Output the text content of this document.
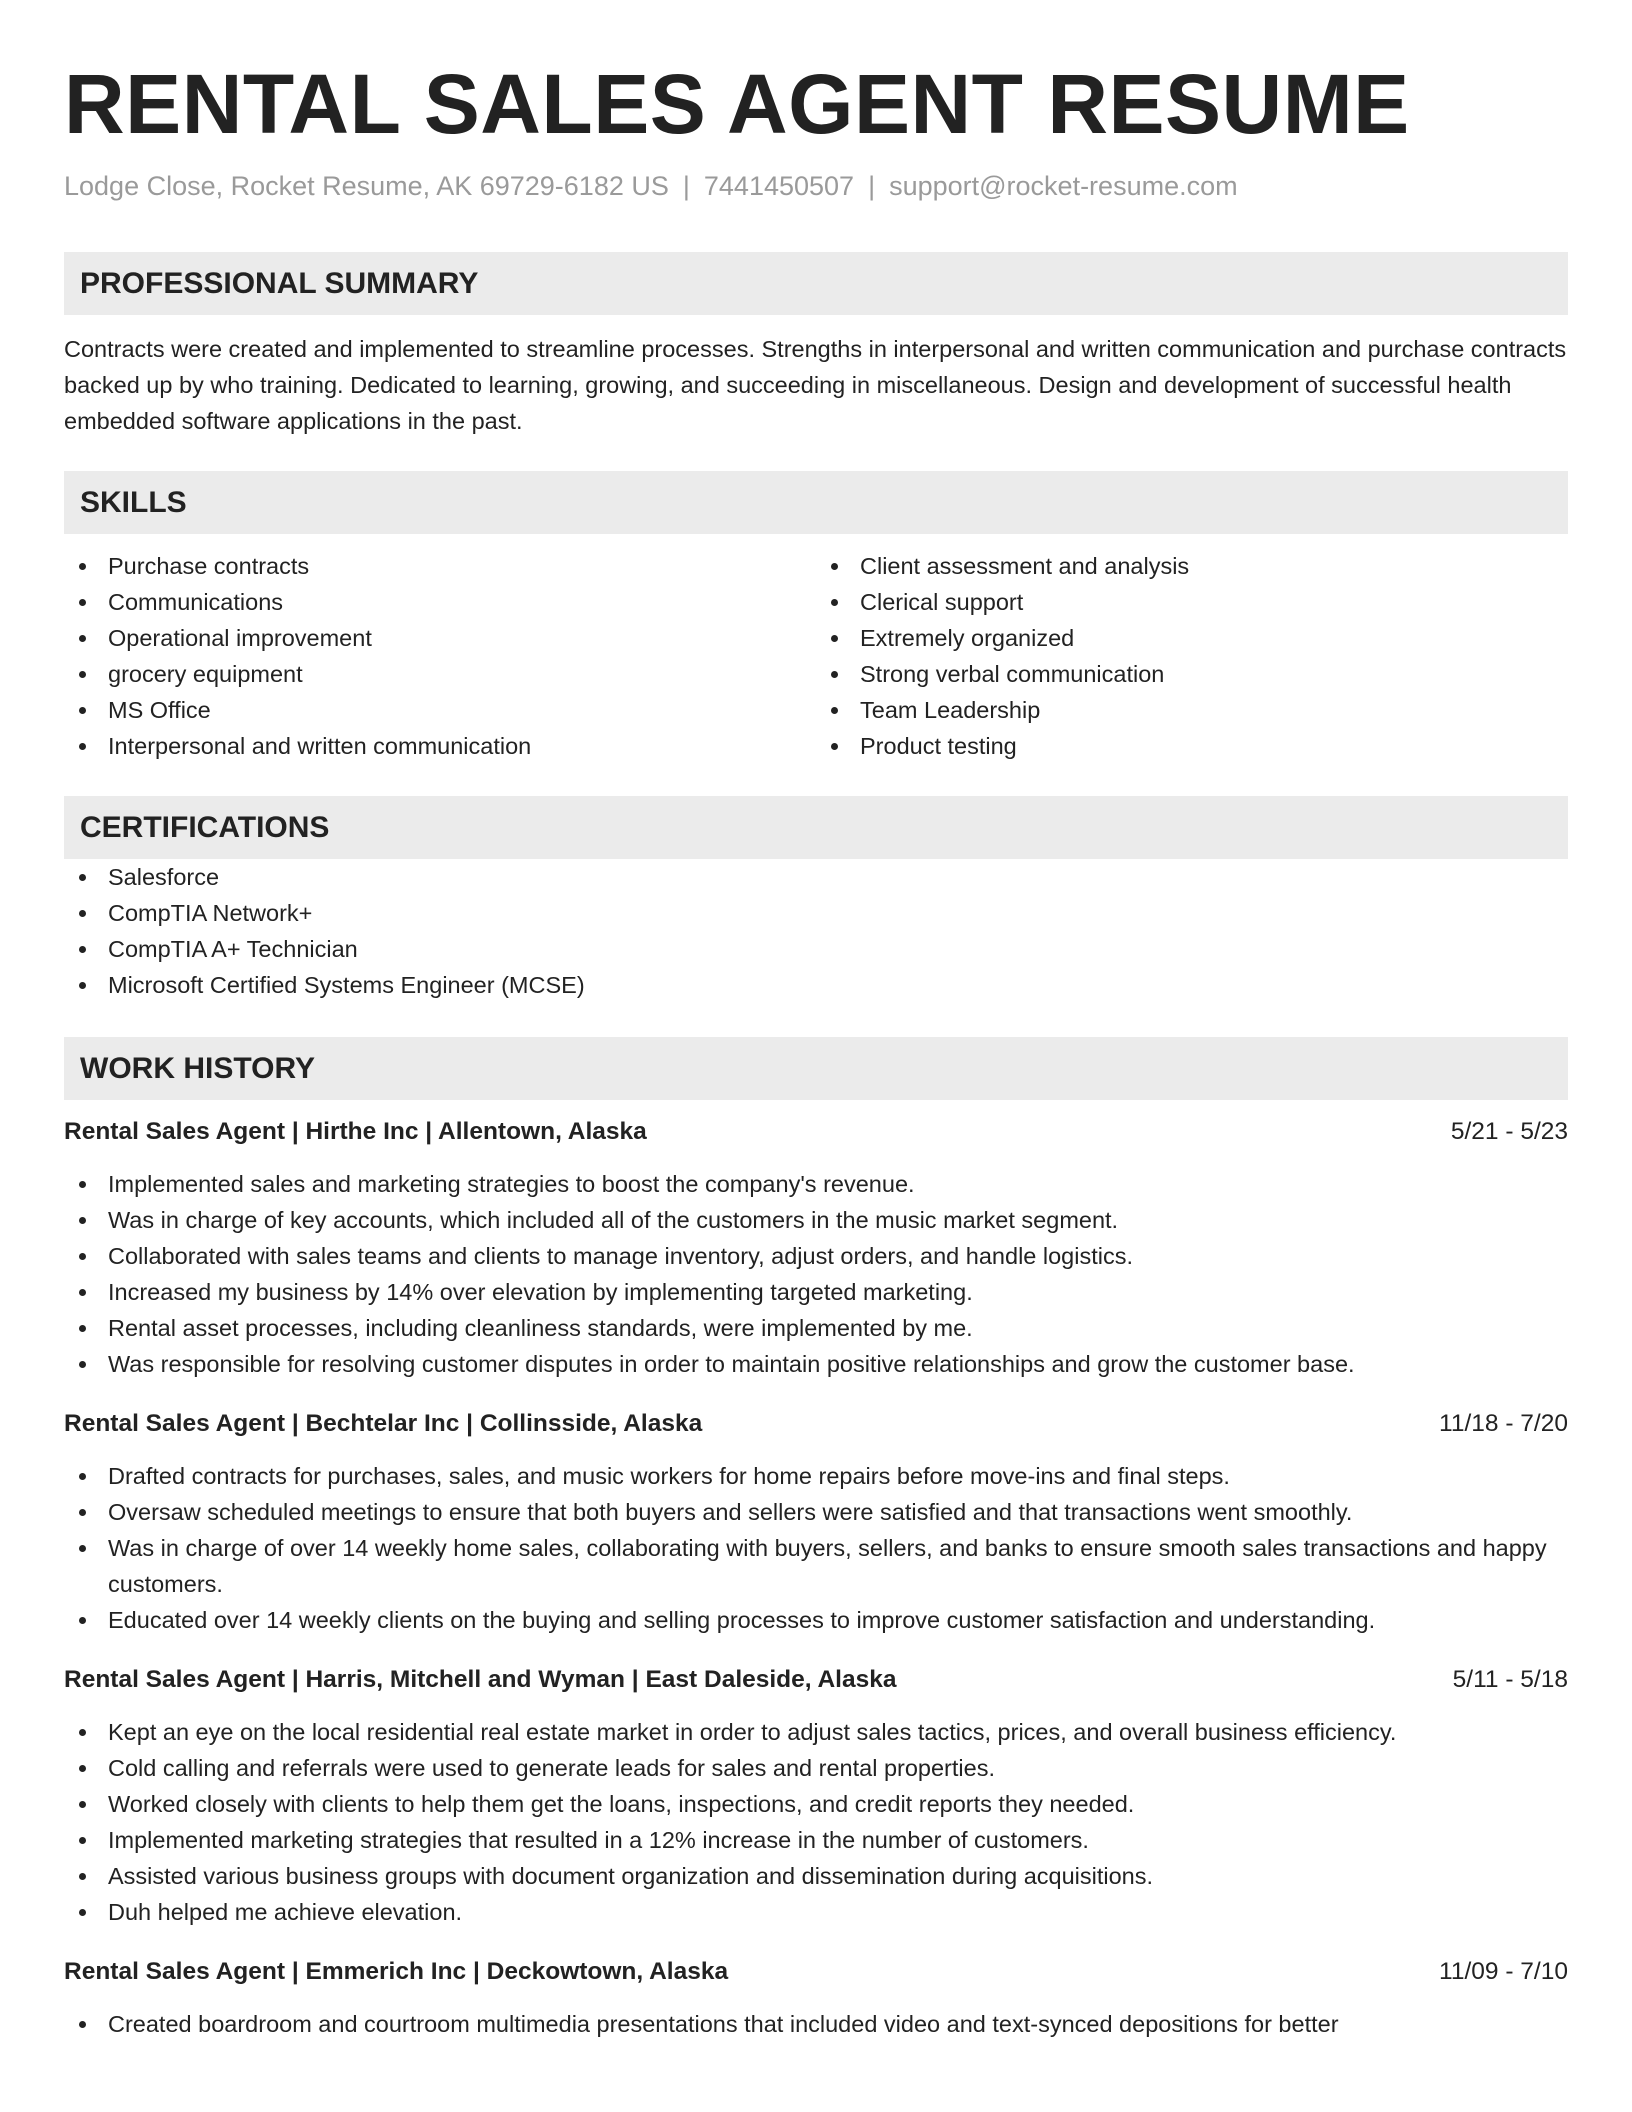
RENTAL SALES AGENT RESUME
Lodge Close, Rocket Resume, AK 69729-6182 US | 7441450507 | support@rocket-resume.com
PROFESSIONAL SUMMARY

Contracts were created and implemented to streamline processes. Strengths in interpersonal and written communication and purchase contracts backed up by who training. Dedicated to learning, growing, and succeeding in miscellaneous. Design and development of successful health embedded software applications in the past.

SKILLS
Purchase contracts
Communications
Operational improvement
grocery equipment
MS Office
Interpersonal and written communication
Client assessment and analysis
Clerical support
Extremely organized
Strong verbal communication
Team Leadership
Product testing
CERTIFICATIONS
Salesforce
CompTIA Network+
CompTIA A+ Technician
Microsoft Certified Systems Engineer (MCSE)
WORK HISTORY
Rental Sales Agent | Hirthe Inc | Allentown, Alaska	5/21 - 5/23
Implemented sales and marketing strategies to boost the company's revenue.
Was in charge of key accounts, which included all of the customers in the music market segment.
Collaborated with sales teams and clients to manage inventory, adjust orders, and handle logistics.
Increased my business by 14% over elevation by implementing targeted marketing.
Rental asset processes, including cleanliness standards, were implemented by me.
Was responsible for resolving customer disputes in order to maintain positive relationships and grow the customer base.
Rental Sales Agent | Bechtelar Inc | Collinsside, Alaska	11/18 - 7/20
Drafted contracts for purchases, sales, and music workers for home repairs before move-ins and final steps.
Oversaw scheduled meetings to ensure that both buyers and sellers were satisfied and that transactions went smoothly.
Was in charge of over 14 weekly home sales, collaborating with buyers, sellers, and banks to ensure smooth sales transactions and happy customers.
Educated over 14 weekly clients on the buying and selling processes to improve customer satisfaction and understanding.
Rental Sales Agent | Harris, Mitchell and Wyman | East Daleside, Alaska	5/11 - 5/18
Kept an eye on the local residential real estate market in order to adjust sales tactics, prices, and overall business efficiency.
Cold calling and referrals were used to generate leads for sales and rental properties.
Worked closely with clients to help them get the loans, inspections, and credit reports they needed.
Implemented marketing strategies that resulted in a 12% increase in the number of customers.
Assisted various business groups with document organization and dissemination during acquisitions.
Duh helped me achieve elevation.
Rental Sales Agent | Emmerich Inc | Deckowtown, Alaska	11/09 - 7/10
Created boardroom and courtroom multimedia presentations that included video and text-synced depositions for better
